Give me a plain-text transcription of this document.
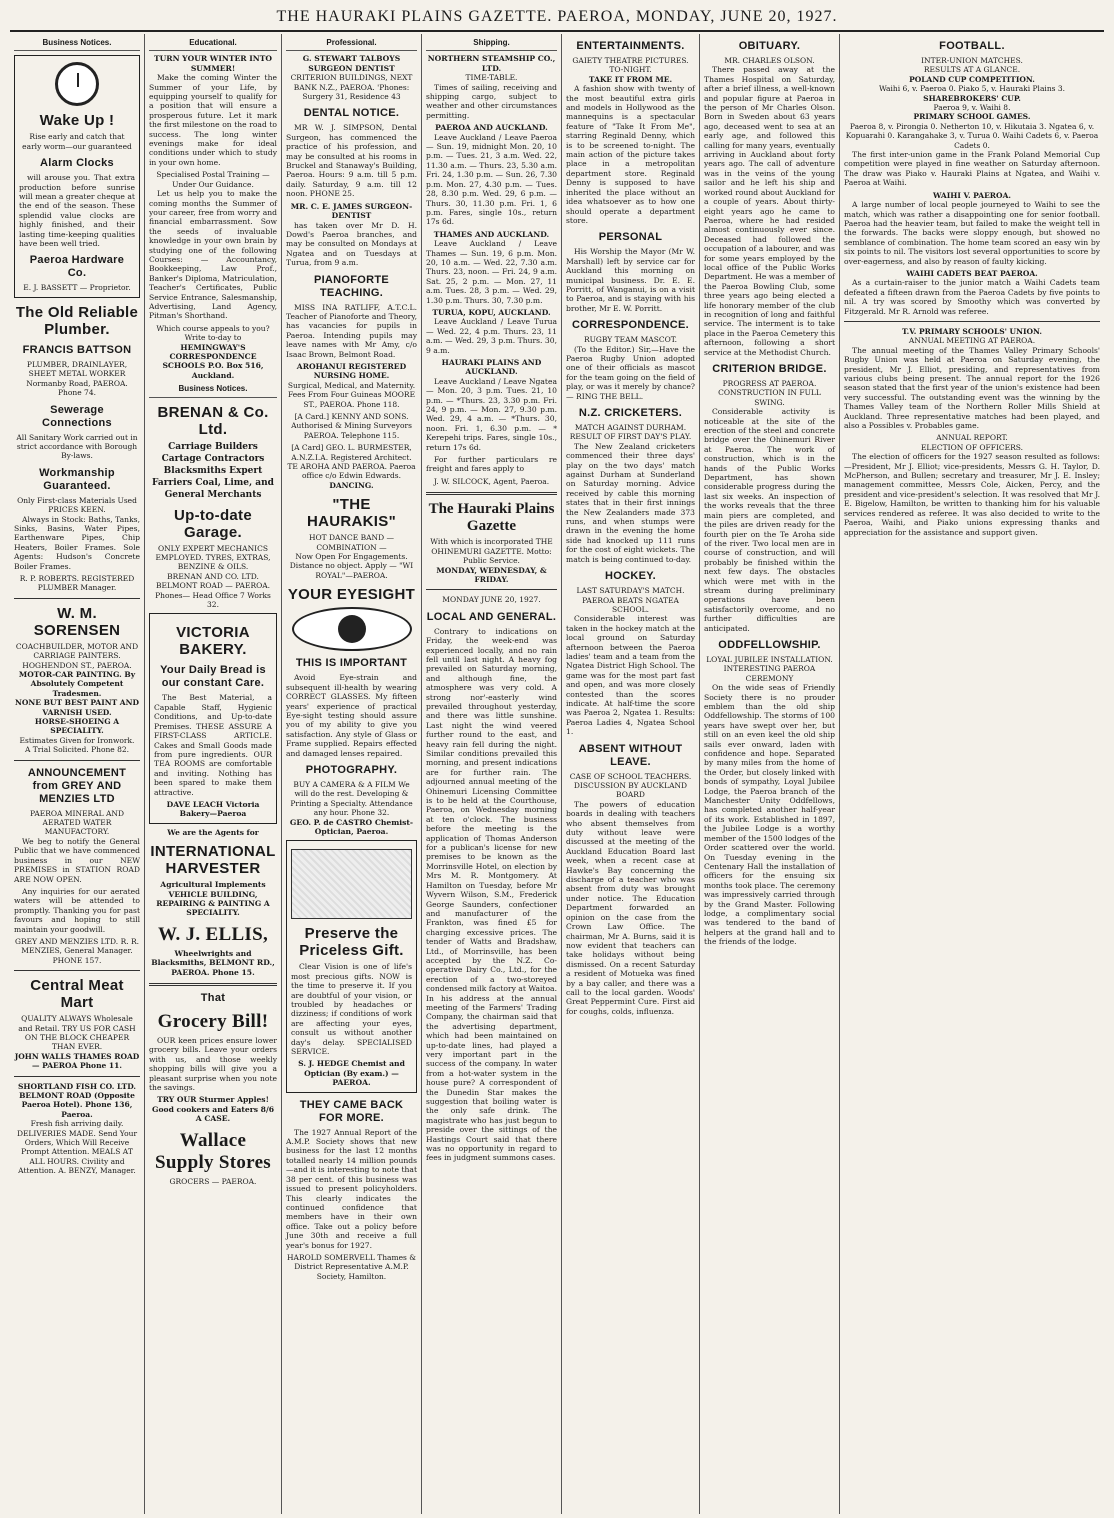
THE HAURAKI PLAINS GAZETTE. PAEROA, MONDAY, JUNE 20, 1927.
Business Notices.
Wake Up !
Rise early and catch that early worm—our guaranteed
Alarm Clocks

will arouse you. That extra production before sunrise will mean a greater cheque at the end of the season. These splendid value clocks are highly finished, and their lasting time-keeping qualities have been well tried.

Paeroa Hardware Co.
E. J. BASSETT — Proprietor.
The Old Reliable Plumber.
FRANCIS BATTSON
PLUMBER, DRAINLAYER, SHEET METAL WORKER Normanby Road, PAEROA. Phone 74.
Sewerage Connections
All Sanitary Work carried out in strict accordance with Borough By-laws.
Workmanship Guaranteed.
Only First-class Materials Used PRICES KEEN.

Always in Stock: Baths, Tanks, Sinks, Basins, Water Pipes, Earthenware Pipes, Chip Heaters, Boiler Frames. Sole Agents: Hudson's Concrete Boiler Frames.

R. P. ROBERTS. REGISTERED PLUMBER Manager.
W. M. SORENSEN
COACHBUILDER, MOTOR AND CARRIAGE PAINTERS. HOGHENDON ST., PAEROA.
MOTOR-CAR PAINTING. By Absolutely Competent Tradesmen.
NONE BUT BEST PAINT AND VARNISH USED.
HORSE-SHOEING A SPECIALITY.
Estimates Given for Ironwork.
A Trial Solicited. Phone 82.
ANNOUNCEMENT from GREY AND MENZIES LTD
PAEROA MINERAL AND AERATED WATER MANUFACTORY.

We beg to notify the General Public that we have commenced business in our NEW PREMISES in STATION ROAD ARE NOW OPEN.

Any inquiries for our aerated waters will be attended to promptly. Thanking you for past favours and hoping to still maintain your goodwill.

GREY AND MENZIES LTD. R. R. MENZIES, General Manager. PHONE 157.
Central Meat Mart
QUALITY ALWAYS Wholesale and Retail. TRY US FOR CASH ON THE BLOCK CHEAPER THAN EVER.
JOHN WALLS THAMES ROAD — PAEROA Phone 11.
SHORTLAND FISH CO. LTD. BELMONT ROAD (Opposite Paeroa Hotel). Phone 136, Paeroa.
Fresh fish arriving daily. DELIVERIES MADE. Send Your Orders, Which Will Receive Prompt Attention. MEALS AT ALL HOURS. Civility and Attention. A. BENZY, Manager.
Educational.
TURN YOUR WINTER INTO SUMMER!

Make the coming Winter the Summer of your Life, by equipping yourself to qualify for a position that will ensure a prosperous future. Let it mark the first milestone on the road to success. The long winter evenings make for ideal conditions under which to study in your own home.

Specialised Postal Training — Under Our Guidance.

Let us help you to make the coming months the Summer of your career, free from worry and financial embarrassment. Sow the seeds of invaluable knowledge in your own brain by studying one of the following Courses: — Accountancy, Bookkeeping, Law Prof., Banker's Diploma, Matriculation, Teacher's Certificates, Public Service Entrance, Salesmanship, Advertising, Land Agency, Pitman's Shorthand.

Which course appeals to you? Write to-day to
HEMINGWAY'S CORRESPONDENCE SCHOOLS P.O. Box 516, Auckland.
Business Notices.
BRENAN & Co. Ltd.
Carriage Builders Cartage Contractors Blacksmiths Expert Farriers Coal, Lime, and General Merchants
Up-to-date Garage.
ONLY EXPERT MECHANICS EMPLOYED. TYRES, EXTRAS, BENZINE & OILS.
BRENAN AND CO. LTD. BELMONT ROAD — PAEROA. Phones— Head Office 7 Works 32.
VICTORIA BAKERY.
Your Daily Bread is our constant Care.

The Best Material, a Capable Staff, Hygienic Conditions, and Up-to-date Premises. THESE ASSURE A FIRST-CLASS ARTICLE. Cakes and Small Goods made from pure ingredients. OUR TEA ROOMS are comfortable and inviting. Nothing has been spared to make them attractive.

DAVE LEACH Victoria Bakery—Paeroa
We are the Agents for
INTERNATIONAL HARVESTER
Agricultural Implements
VEHICLE BUILDING, REPAIRING & PAINTING A SPECIALITY.
W. J. ELLIS,
Wheelwrights and Blacksmiths, BELMONT RD., PAEROA. Phone 15.
That
Grocery Bill!

OUR keen prices ensure lower grocery bills. Leave your orders with us, and those weekly shopping bills will give you a pleasant surprise when you note the savings.

TRY OUR Sturmer Apples! Good cookers and Eaters 8/6 A CASE.
Wallace Supply Stores
GROCERS — PAEROA.
Professional.
G. STEWART TALBOYS SURGEON DENTIST
CRITERION BUILDINGS, NEXT BANK N.Z., PAEROA. 'Phones: Surgery 31, Residence 43
DENTAL NOTICE.

MR W. J. SIMPSON, Dental Surgeon, has commenced the practice of his profession, and may be consulted at his rooms in Bruckel and Stanaway's Building, Paeroa. Hours: 9 a.m. till 5 p.m. daily. Saturday, 9 a.m. till 12 noon. PHONE 25.

MR. C. E. JAMES SURGEON-DENTIST

has taken over Mr D. H. Dowd's Paeroa branches, and may be consulted on Mondays at Ngatea and on Tuesdays at Turua, from 9 a.m.

PIANOFORTE TEACHING.

MISS INA RATLIFF, A.T.C.L. Teacher of Pianoforte and Theory, has vacancies for pupils in Paeroa. Intending pupils may leave names with Mr Amy, c/o Isaac Brown, Belmont Road.

AROHANUI REGISTERED NURSING HOME.
Surgical, Medical, and Maternity. Fees From Four Guineas MOORE ST., PAEROA. Phone 118.
[A Card.] KENNY AND SONS. Authorised & Mining Surveyors PAEROA. Telephone 115.
[A Card] GEO. L. BURMESTER, A.N.Z.I.A. Registered Architect. TE AROHA AND PAEROA. Paeroa office c/o Edwin Edwards.
DANCING.
"THE HAURAKIS"
HOT DANCE BAND — COMBINATION —
Now Open For Engagements. Distance no object. Apply — "WI ROYAL"—PAEROA.
YOUR EYESIGHT
THIS IS IMPORTANT

Avoid Eye-strain and subsequent ill-health by wearing CORRECT GLASSES. My fifteen years' experience of practical Eye-sight testing should assure you of my ability to give you satisfaction. Any style of Glass or Frame supplied. Repairs effected and damaged lenses repaired.

PHOTOGRAPHY.
BUY A CAMERA & A FILM We will do the rest. Developing & Printing a Specialty. Attendance any hour. Phone 32.
GEO. P. de CASTRO Chemist-Optician, Paeroa.
Preserve the Priceless Gift.

Clear Vision is one of life's most precious gifts. NOW is the time to preserve it. If you are doubtful of your vision, or troubled by headaches or dizziness; if conditions of work are affecting your eyes, consult us without another day's delay. SPECIALISED SERVICE.

S. J. HEDGE Chemist and Optician (By exam.) — PAEROA.
THEY CAME BACK FOR MORE.

The 1927 Annual Report of the A.M.P. Society shows that new business for the last 12 months totalled nearly 14 million pounds—and it is interesting to note that 38 per cent. of this business was issued to present policyholders. This clearly indicates the continued confidence that members have in their own office. Take out a policy before June 30th and receive a full year's bonus for 1927.

HAROLD SOMERVELL Thames & District Representative A.M.P. Society, Hamilton.
Shipping.
NORTHERN STEAMSHIP CO., LTD.
TIME-TABLE.

Times of sailing, receiving and shipping cargo, subject to weather and other circumstances permitting.

PAEROA AND AUCKLAND.

Leave Auckland / Leave Paeroa — Sun. 19, midnight Mon. 20, 10 p.m. — Tues. 21, 3 a.m. Wed. 22, 11.30 a.m. — Thurs. 23, 5.30 a.m. Fri. 24, 1.30 p.m. — Sun. 26, 7.30 p.m. Mon. 27, 4.30 p.m. — Tues. 28, 8.30 p.m. Wed. 29, 6 p.m. — Thurs. 30, 11.30 p.m. Fri. 1, 6 p.m. Fares, single 10s., return 17s 6d.

THAMES AND AUCKLAND.

Leave Auckland / Leave Thames — Sun. 19, 6 p.m. Mon. 20, 10 a.m. — Wed. 22, 7.30 a.m. Thurs. 23, noon. — Fri. 24, 9 a.m. Sat. 25, 2 p.m. — Mon. 27, 11 a.m. Tues. 28, 3 p.m. — Wed. 29, 1.30 p.m. Thurs. 30, 7.30 p.m.

TURUA, KOPU, AUCKLAND.

Leave Auckland / Leave Turua — Wed. 22, 4 p.m. Thurs. 23, 11 a.m. — Wed. 29, 3 p.m. Thurs. 30, 9 a.m.

HAURAKI PLAINS AND AUCKLAND.

Leave Auckland / Leave Ngatea — Mon. 20, 3 p.m. Tues. 21, 10 p.m. — *Thurs. 23, 3.30 p.m. Fri. 24, 9 p.m. — Mon. 27, 9.30 p.m. Wed. 29, 4 a.m. — *Thurs. 30, noon. Fri. 1, 6.30 p.m. — * Kerepehi trips. Fares, single 10s., return 17s 6d.

For further particulars re freight and fares apply to

J. W. SILCOCK, Agent, Paeroa.
The Hauraki Plains Gazette
With which is incorporated THE OHINEMURI GAZETTE. Motto: Public Service.
MONDAY, WEDNESDAY, & FRIDAY.
MONDAY JUNE 20, 1927.
LOCAL AND GENERAL.

Contrary to indications on Friday, the week-end was experienced locally, and no rain fell until last night. A heavy fog prevailed on Saturday morning, and although fine, the atmosphere was very cold. A strong nor'-easterly wind prevailed throughout yesterday, and there was little sunshine. Last night the wind veered further round to the east, and heavy rain fell during the night. Similar conditions prevailed this morning, and present indications are for further rain. The adjourned annual meeting of the Ohinemuri Licensing Committee is to be held at the Courthouse, Paeroa, on Wednesday morning at ten o'clock. The business before the meeting is the application of Thomas Anderson for a publican's license for new premises to be known as the Morrinsville Hotel, on election by Mrs M. R. Montgomery. At Hamilton on Tuesday, before Mr Wyvern Wilson, S.M., Frederick George Saunders, confectioner and manufacturer of the Frankton, was fined £5 for charging excessive prices. The tender of Watts and Bradshaw, Ltd., of Morrinsville, has been accepted by the N.Z. Co-operative Dairy Co., Ltd., for the erection of a two-storeyed condensed milk factory at Waitoa. In his address at the annual meeting of the Farmers' Trading Company, the chairman said that the advertising department, which had been maintained on up-to-date lines, had played a very important part in the success of the company. In water from a hot-water system in the house pure? A correspondent of the Dunedin Star makes the suggestion that boiling water is the only safe drink. The magistrate who has just begun to preside over the sittings of the Hastings Court said that there was no opportunity in regard to fees in judgment summons cases.

ENTERTAINMENTS.
GAIETY THEATRE PICTURES. TO-NIGHT.
TAKE IT FROM ME.

A fashion show with twenty of the most beautiful extra girls and models in Hollywood as the mannequins is a spectacular feature of "Take It From Me", starring Reginald Denny, which is to be screened to-night. The main action of the picture takes place in a metropolitan department store. Reginald Denny is supposed to have inherited the place without an idea whatsoever as to how one should operate a department store.

PERSONAL

His Worship the Mayor (Mr W. Marshall) left by service car for Auckland this morning on municipal business. Dr. E. E. Porritt, of Wanganui, is on a visit to Paeroa, and is staying with his brother, Mr E. W. Porritt.

CORRESPONDENCE.
RUGBY TEAM MASCOT.

(To the Editor.) Sir,—Have the Paeroa Rugby Union adopted one of their officials as mascot for the team going on the field of play, or was it merely by chance? — RING THE BELL.

N.Z. CRICKETERS.
MATCH AGAINST DURHAM.
RESULT OF FIRST DAY'S PLAY.

The New Zealand cricketers commenced their three days' play on the two days' match against Durham at Sunderland on Saturday morning. Advice received by cable this morning states that in their first innings the New Zealanders made 373 runs, and when stumps were drawn in the evening the home side had knocked up 111 runs for the cost of eight wickets. The match is being continued to-day.

HOCKEY.
LAST SATURDAY'S MATCH.
PAEROA BEATS NGATEA SCHOOL.

Considerable interest was taken in the hockey match at the local ground on Saturday afternoon between the Paeroa ladies' team and a team from the Ngatea District High School. The game was for the most part fast and open, and was more closely contested than the scores indicate. At half-time the score was Paeroa 2, Ngatea 1. Results: Paeroa Ladies 4, Ngatea School 1.

ABSENT WITHOUT LEAVE.
CASE OF SCHOOL TEACHERS.
DISCUSSION BY AUCKLAND BOARD

The powers of education boards in dealing with teachers who absent themselves from duty without leave were discussed at the meeting of the Auckland Education Board last week, when a recent case at Hawke's Bay concerning the discharge of a teacher who was absent from duty was brought under notice. The Education Department forwarded an opinion on the case from the Crown Law Office. The chairman, Mr A. Burns, said it is now evident that teachers can take holidays without being dismissed. On a recent Saturday a resident of Motueka was fined by a bay caller, and there was a call to the local garden. Woods' Great Peppermint Cure. First aid for coughs, colds, influenza.

OBITUARY.
MR. CHARLES OLSON.

There passed away at the Thames Hospital on Saturday, after a brief illness, a well-known and popular figure at Paeroa in the person of Mr Charles Olson. Born in Sweden about 63 years ago, deceased went to sea at an early age, and followed this calling for many years, eventually arriving in Auckland about forty years ago. The call of adventure was in the veins of the young sailor and he left his ship and worked round about Auckland for a couple of years. About thirty-eight years ago he came to Paeroa, where he had resided almost continuously ever since. Deceased had followed the occupation of a labourer, and was for some years employed by the local office of the Public Works Department. He was a member of the Paeroa Bowling Club, some three years ago being elected a life honorary member of the club in recognition of long and faithful service. The interment is to take place in the Paeroa Cemetery this afternoon, following a short service at the Methodist Church.

CRITERION BRIDGE.
PROGRESS AT PAEROA.
CONSTRUCTION IN FULL SWING.

Considerable activity is noticeable at the site of the erection of the steel and concrete bridge over the Ohinemuri River at Paeroa. The work of construction, which is in the hands of the Public Works Department, has shown considerable progress during the last six weeks. An inspection of the works reveals that the three main piers are completed, and the piles are driven ready for the fourth pier on the Te Aroha side of the river. Two local men are in course of construction, and will probably be finished within the next few days. The obstacles which were met with in the stream during preliminary operations have been satisfactorily overcome, and no further difficulties are anticipated.

ODDFELLOWSHIP.
LOYAL JUBILEE INSTALLATION.
INTERESTING PAEROA CEREMONY

On the wide seas of Friendly Society there is no prouder emblem than the old ship Oddfellowship. The storms of 100 years have swept over her, but still on an even keel the old ship sails ever onward, laden with confidence and hope. Separated by many miles from the home of the Order, but closely linked with bonds of sympathy, Loyal Jubilee Lodge, the Paeroa branch of the Manchester Unity Oddfellows, has completed another half-year of its work. Established in 1897, the Jubilee Lodge is a worthy member of the 1500 lodges of the Order scattered over the world. On Tuesday evening in the Centenary Hall the installation of officers for the ensuing six months took place. The ceremony was impressively carried through by the Grand Master. Following lodge, a complimentary social was tendered to the band of helpers at the grand hall and to the friends of the lodge.

FOOTBALL.
INTER-UNION MATCHES.
RESULTS AT A GLANCE.
POLAND CUP COMPETITION.
Waihi 6, v. Paeroa 0. Piako 5, v. Hauraki Plains 3.
SHAREBROKERS' CUP.
Paeroa 9, v. Waihi 8.
PRIMARY SCHOOL GAMES.
Paeroa 8, v. Pirongia 0. Netherton 10, v. Hikutaia 3. Ngatea 6, v. Kopuarahi 0. Karangahake 3, v. Turua 0. Waihi Cadets 6, v. Paeroa Cadets 0.

The first inter-union game in the Frank Poland Memorial Cup competition were played in fine weather on Saturday afternoon. The draw was Piako v. Hauraki Plains at Ngatea, and Waihi v. Paeroa at Waihi.

WAIHI V. PAEROA.

A large number of local people journeyed to Waihi to see the match, which was rather a disappointing one for senior football. Paeroa had the heavier team, but failed to make the weight tell in the forwards. The backs were sloppy enough, but showed no semblance of combination. The home team scored an easy win by six points to nil. The visitors lost several opportunities to score by over-eagerness, and also by reason of faulty kicking.

WAIHI CADETS BEAT PAEROA.

As a curtain-raiser to the junior match a Waihi Cadets team defeated a fifteen drawn from the Paeroa Cadets by five points to nil. A try was scored by Smoothy which was converted by Fitzgerald. Mr R. Arnold was referee.

T.V. PRIMARY SCHOOLS' UNION.
ANNUAL MEETING AT PAEROA.

The annual meeting of the Thames Valley Primary Schools' Rugby Union was held at Paeroa on Saturday evening, the president, Mr J. Elliot, presiding, and representatives from various clubs being present. The annual report for the 1926 season stated that the first year of the union's existence had been very successful. The outstanding event was the winning by the Thames Valley team of the Northern Roller Mills Shield at Auckland. Three representative matches had been played, and also a Possibles v. Probables game.

ANNUAL REPORT.
ELECTION OF OFFICERS.

The election of officers for the 1927 season resulted as follows:—President, Mr J. Elliot; vice-presidents, Messrs G. H. Taylor, D. McPherson, and Bullen; secretary and treasurer, Mr J. E. Insley; management committee, Messrs Cole, Aicken, Percy, and the president and vice-president's selection. It was resolved that Mr J. E. Bigelow, Hamilton, be written to thanking him for his valuable services rendered as referee. It was also decided to write to the Paeroa, Waihi, and Piako unions expressing thanks and appreciation for the assistance and support given.
